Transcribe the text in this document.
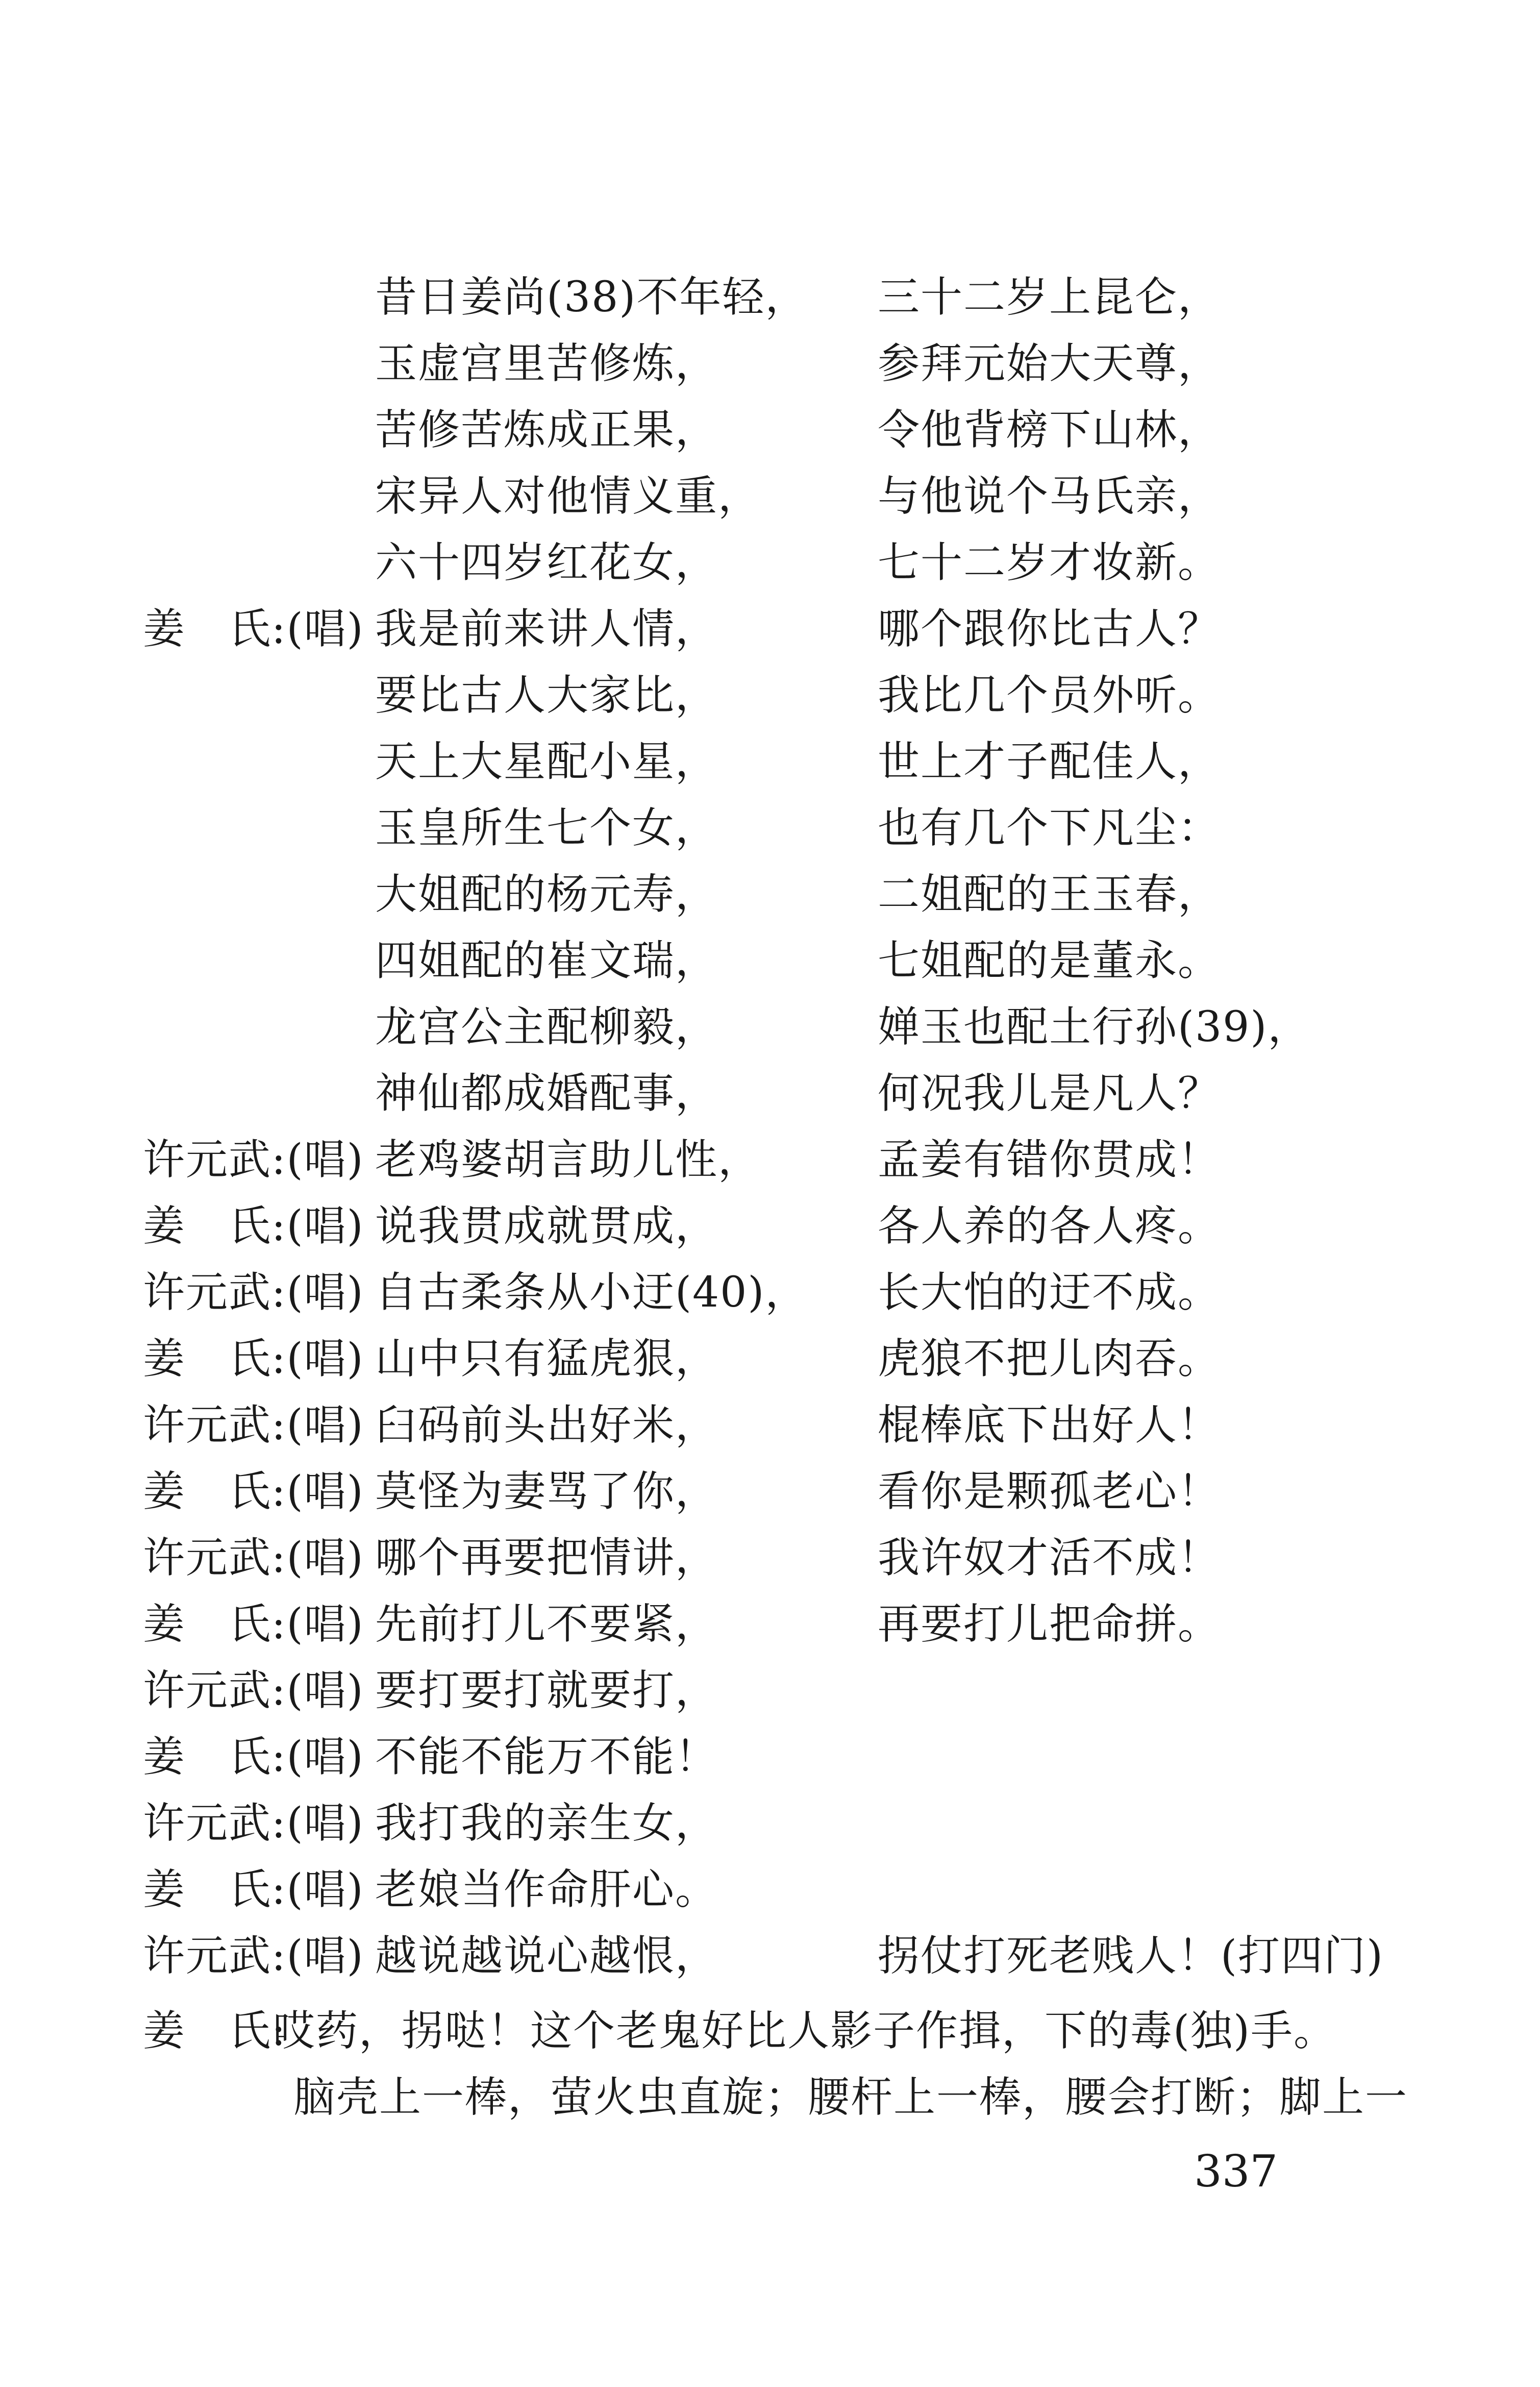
昔日姜尚(38)不年轻， 三十二岁上昆仑，
玉虚宫里苦修炼，	参拜元始大天尊，
苦修苦炼成正果，	令他背榜下山林，
宋异人对他情义重，	与他说个马氏亲，
六十四岁红花女，	七十二岁才妆新。
姜　氏:(唱) 我是前来讲人情，	哪个跟你比古人？
要比古人大家比，	我比几个员外听。
天上大星配小星，	世上才子配佳人，
玉皇所生七个女，	也有几个下凡尘：
大姐配的杨元寿，	二姐配的王玉春，
四姐配的崔文瑞，	七姐配的是董永。
龙宫公主配柳毅，	婵玉也配土行孙(39)，
神仙都成婚配事，	何况我儿是凡人？
许元武:(唱) 老鸡婆胡言助儿性，	孟姜有错你贯成！
姜　氏:(唱) 说我贯成就贯成，	各人养的各人疼。
许元武:(唱) 自古柔条从小迂(40)， 长大怕的迂不成。
姜　氏:(唱) 山中只有猛虎狠，	虎狼不把儿肉吞。
许元武:(唱) 臼码前头出好米，	棍棒底下出好人！
姜　氏:(唱) 莫怪为妻骂了你，	看你是颗孤老心！
许元武:(唱) 哪个再要把情讲，	我许奴才活不成！
姜　氏:(唱) 先前打儿不要紧，	再要打儿把命拼。
许元武:(唱) 要打要打就要打，
姜　氏:(唱) 不能不能万不能！
许元武:(唱) 我打我的亲生女，
姜　氏:(唱) 老娘当作命肝心。
许元武:(唱) 越说越说心越恨，	拐仗打死老贱人！(打四门)
姜　氏:
哎药，拐哒！这个老鬼好比人影子作揖，下的毒(独)手。
脑壳上一棒，萤火虫直旋；腰杆上一棒，腰会打断；脚上一
337
